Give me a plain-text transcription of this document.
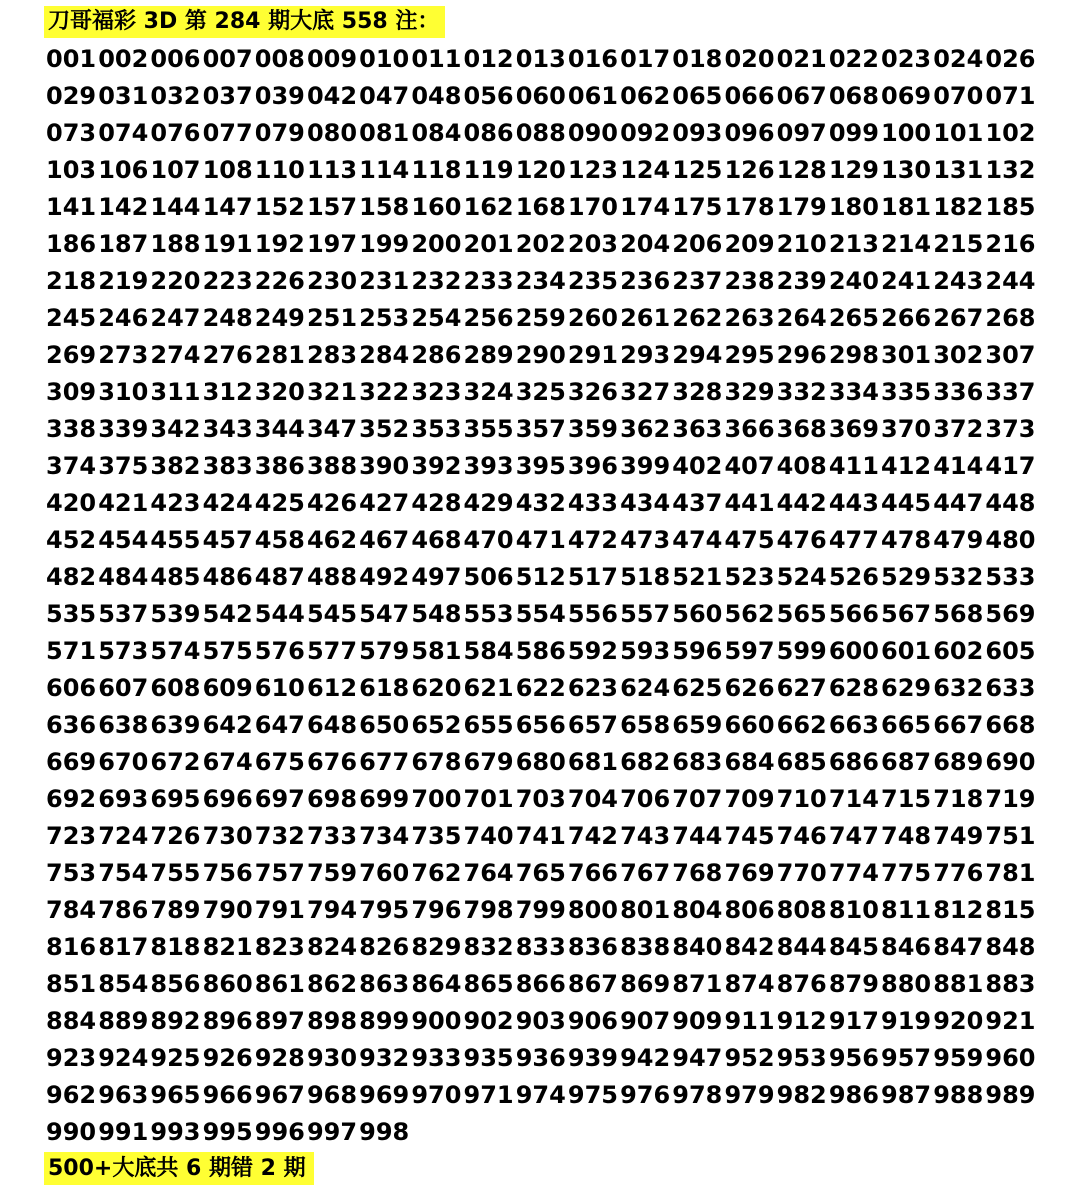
刀哥福彩 3D 第 284 期大底 558 注：
001 002 006 007 008 009 010 011 012 013 016 017 018 020 021 022 023 024 026
029 031 032 037 039 042 047 048 056 060 061 062 065 066 067 068 069 070 071
073 074 076 077 079 080 081 084 086 088 090 092 093 096 097 099 100 101 102
103 106 107 108 110 113 114 118 119 120 123 124 125 126 128 129 130 131 132
141 142 144 147 152 157 158 160 162 168 170 174 175 178 179 180 181 182 185
186 187 188 191 192 197 199 200 201 202 203 204 206 209 210 213 214 215 216
218 219 220 223 226 230 231 232 233 234 235 236 237 238 239 240 241 243 244
245 246 247 248 249 251 253 254 256 259 260 261 262 263 264 265 266 267 268
269 273 274 276 281 283 284 286 289 290 291 293 294 295 296 298 301 302 307
309 310 311 312 320 321 322 323 324 325 326 327 328 329 332 334 335 336 337
338 339 342 343 344 347 352 353 355 357 359 362 363 366 368 369 370 372 373
374 375 382 383 386 388 390 392 393 395 396 399 402 407 408 411 412 414 417
420 421 423 424 425 426 427 428 429 432 433 434 437 441 442 443 445 447 448
452 454 455 457 458 462 467 468 470 471 472 473 474 475 476 477 478 479 480
482 484 485 486 487 488 492 497 506 512 517 518 521 523 524 526 529 532 533
535 537 539 542 544 545 547 548 553 554 556 557 560 562 565 566 567 568 569
571 573 574 575 576 577 579 581 584 586 592 593 596 597 599 600 601 602 605
606 607 608 609 610 612 618 620 621 622 623 624 625 626 627 628 629 632 633
636 638 639 642 647 648 650 652 655 656 657 658 659 660 662 663 665 667 668
669 670 672 674 675 676 677 678 679 680 681 682 683 684 685 686 687 689 690
692 693 695 696 697 698 699 700 701 703 704 706 707 709 710 714 715 718 719
723 724 726 730 732 733 734 735 740 741 742 743 744 745 746 747 748 749 751
753 754 755 756 757 759 760 762 764 765 766 767 768 769 770 774 775 776 781
784 786 789 790 791 794 795 796 798 799 800 801 804 806 808 810 811 812 815
816 817 818 821 823 824 826 829 832 833 836 838 840 842 844 845 846 847 848
851 854 856 860 861 862 863 864 865 866 867 869 871 874 876 879 880 881 883
884 889 892 896 897 898 899 900 902 903 906 907 909 911 912 917 919 920 921
923 924 925 926 928 930 932 933 935 936 939 942 947 952 953 956 957 959 960
962 963 965 966 967 968 969 970 971 974 975 976 978 979 982 986 987 988 989
990 991 993 995 996 997 998
500+大底共 6 期错 2 期
